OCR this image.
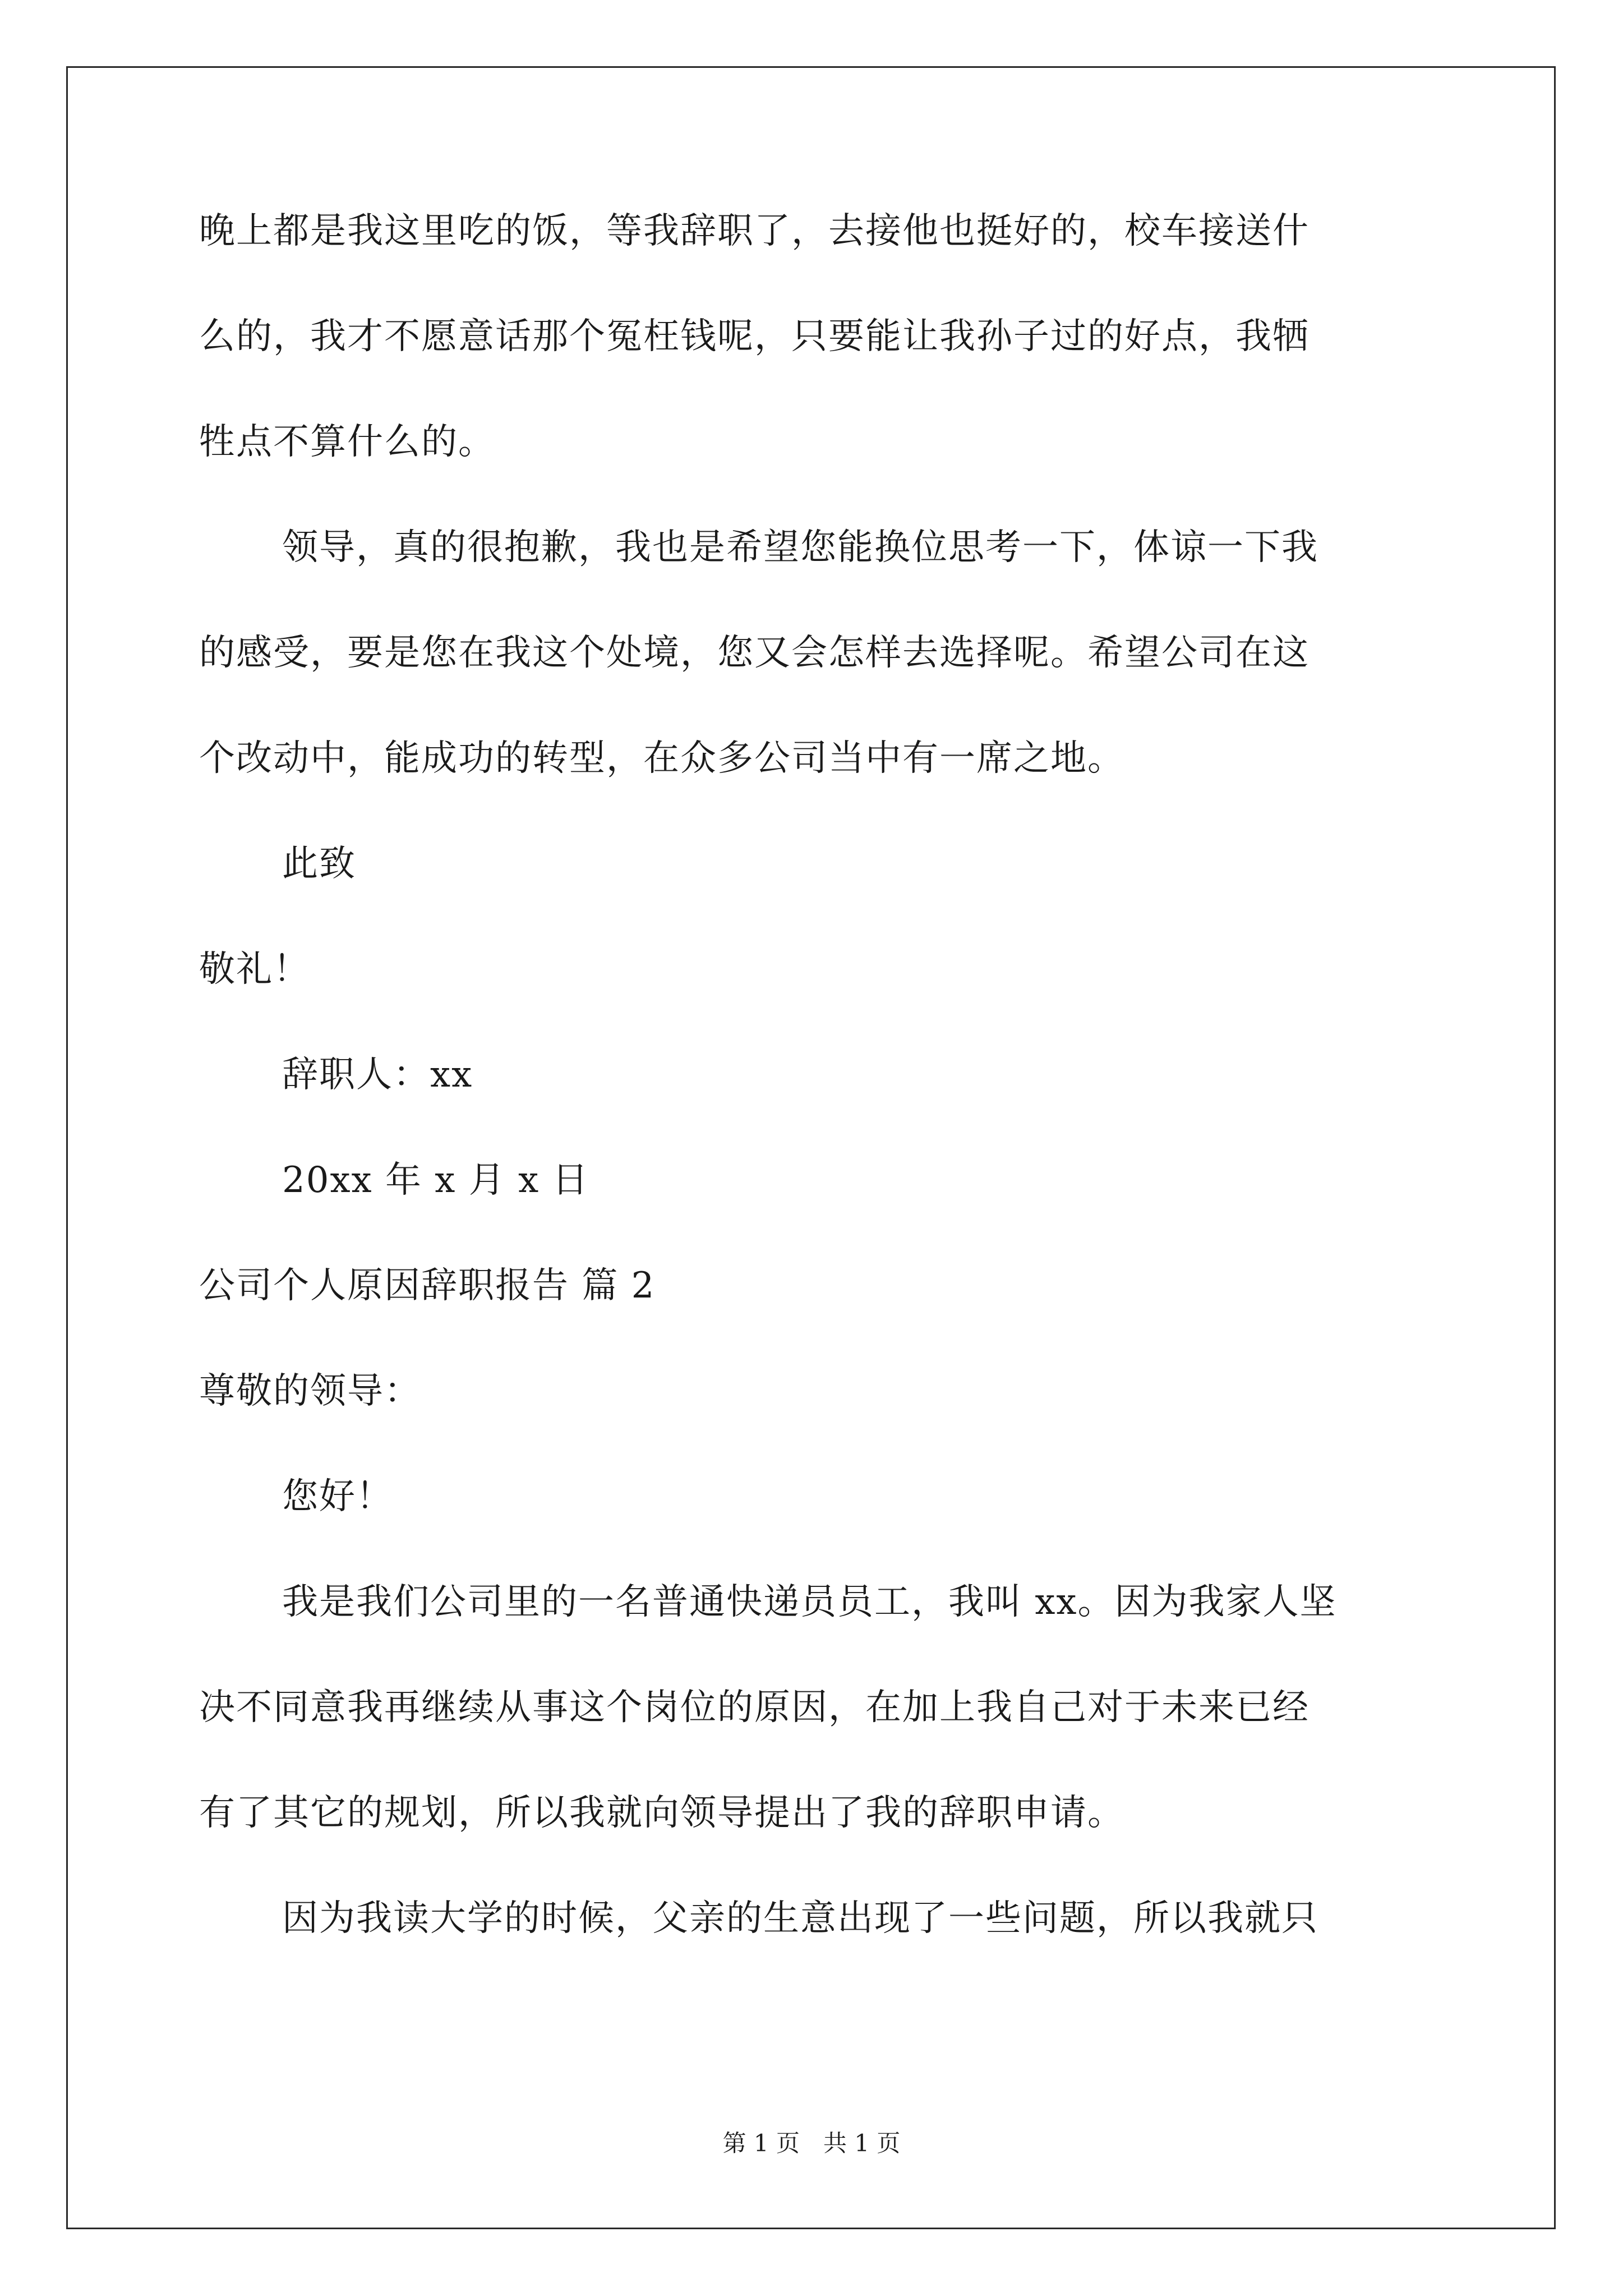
晚上都是我这里吃的饭，等我辞职了，去接他也挺好的，校车接送什
么的，我才不愿意话那个冤枉钱呢，只要能让我孙子过的好点，我牺
牲点不算什么的。
领导，真的很抱歉，我也是希望您能换位思考一下，体谅一下我
的感受，要是您在我这个处境，您又会怎样去选择呢。希望公司在这
个改动中，能成功的转型，在众多公司当中有一席之地。
此致
敬礼！
辞职人：xx
20xx 年 x 月 x 日
公司个人原因辞职报告 篇 2
尊敬的领导：
您好！
我是我们公司里的一名普通快递员员工，我叫 xx。因为我家人坚
决不同意我再继续从事这个岗位的原因，在加上我自己对于未来已经
有了其它的规划，所以我就向领导提出了我的辞职申请。
因为我读大学的时候，父亲的生意出现了一些问题，所以我就只
第 1 页　共 1 页
